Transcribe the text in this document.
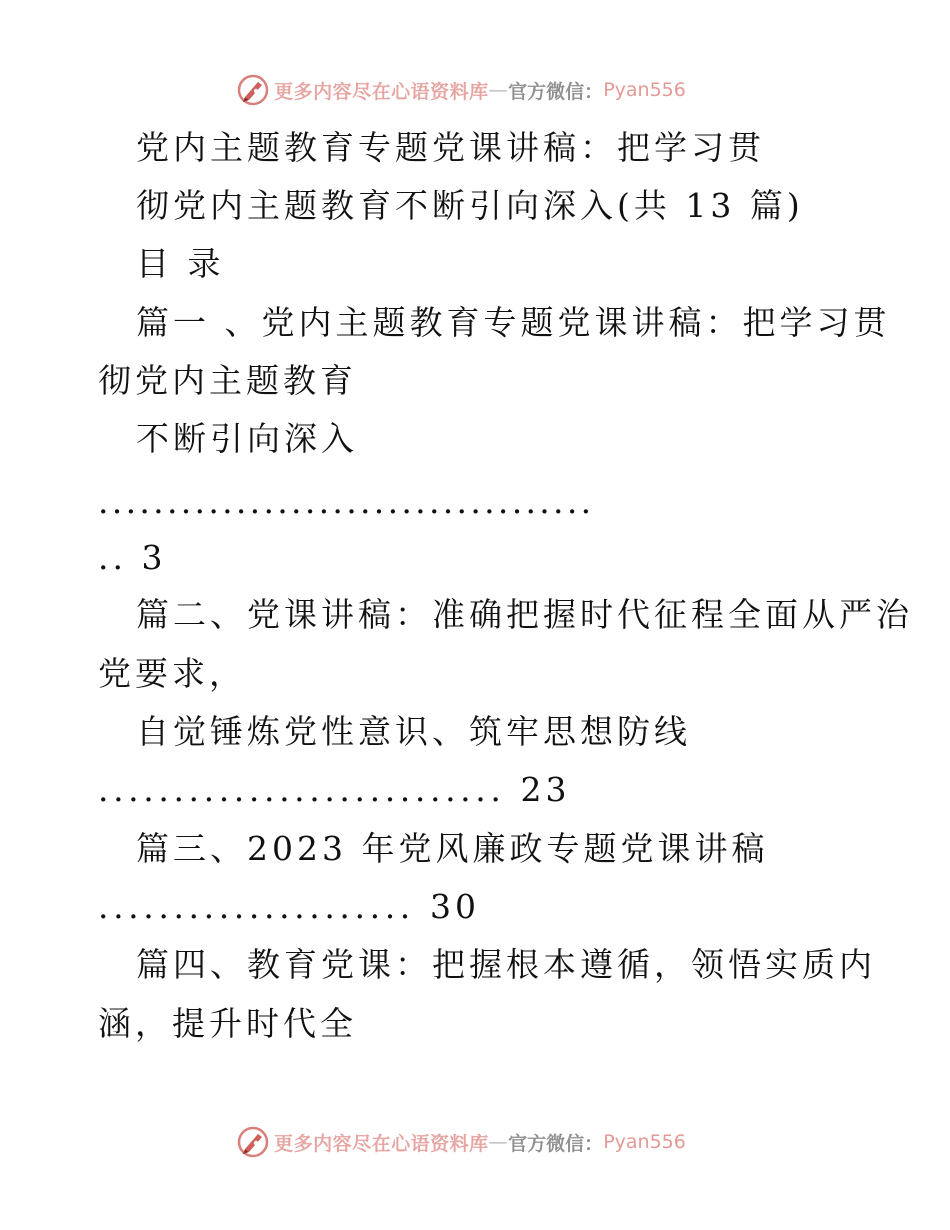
更多内容尽在心语资料库 — 官方微信： Pyan556
党内主题教育专题党课讲稿：把学习贯
彻党内主题教育不断引向深入(共 13 篇)
目 录
篇一 、党内主题教育专题党课讲稿：把学习贯
彻党内主题教育
不断引向深入
....................................
.. 3
篇二、党课讲稿：准确把握时代征程全面从严治
党要求，
自觉锤炼党性意识、筑牢思想防线
........................... 23
篇三、2023 年党风廉政专题党课讲稿
..................... 30
篇四、教育党课：把握根本遵循，领悟实质内
涵，提升时代全
更多内容尽在心语资料库 — 官方微信： Pyan556
